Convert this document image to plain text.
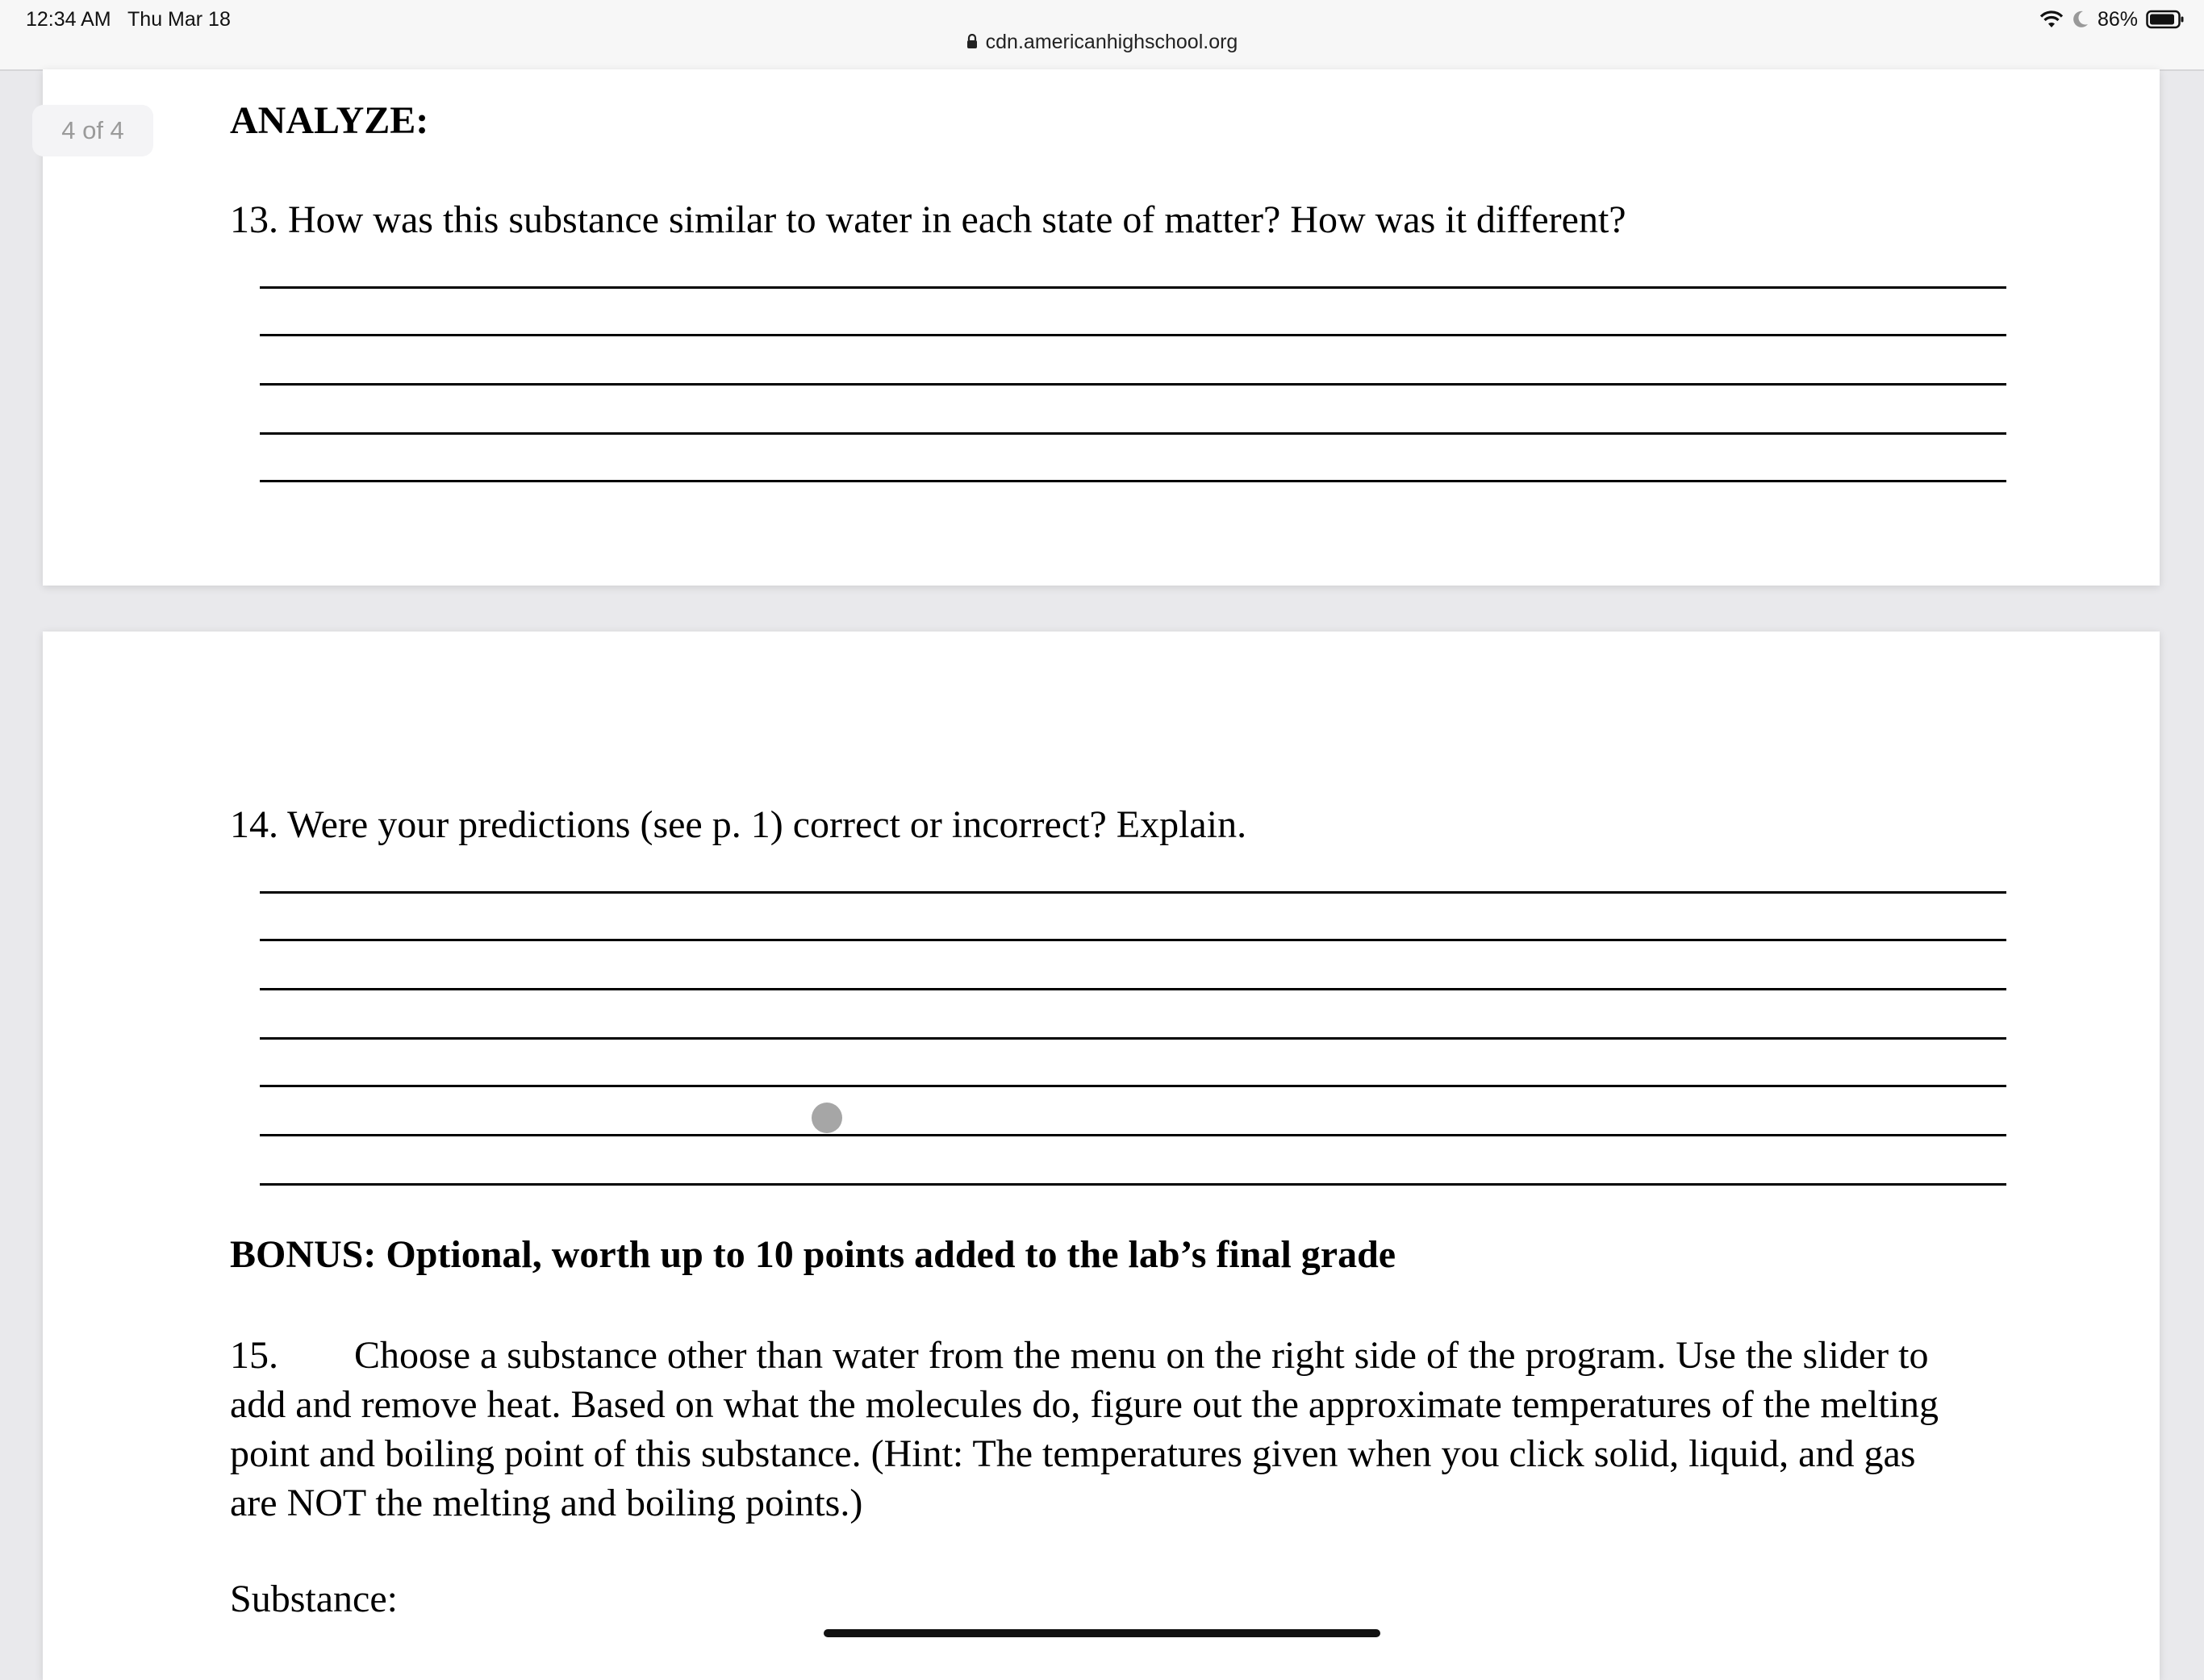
12:34 AM   Thu Mar 18	86%
cdn.americanhighschool.org
4 of 4	ANALYZE:
13. How was this substance similar to water in each state of matter? How was it different?
14. Were your predictions (see p. 1) correct or incorrect? Explain.
BONUS: Optional, worth up to 10 points added to the lab’s final grade
15. Choose a substance other than water from the menu on the right side of the program. Use the slider to add and remove heat. Based on what the molecules do, figure out the approximate temperatures of the melting point and boiling point of this substance. (Hint: The temperatures given when you click solid, liquid, and gas are NOT the melting and boiling points.)
Substance:
